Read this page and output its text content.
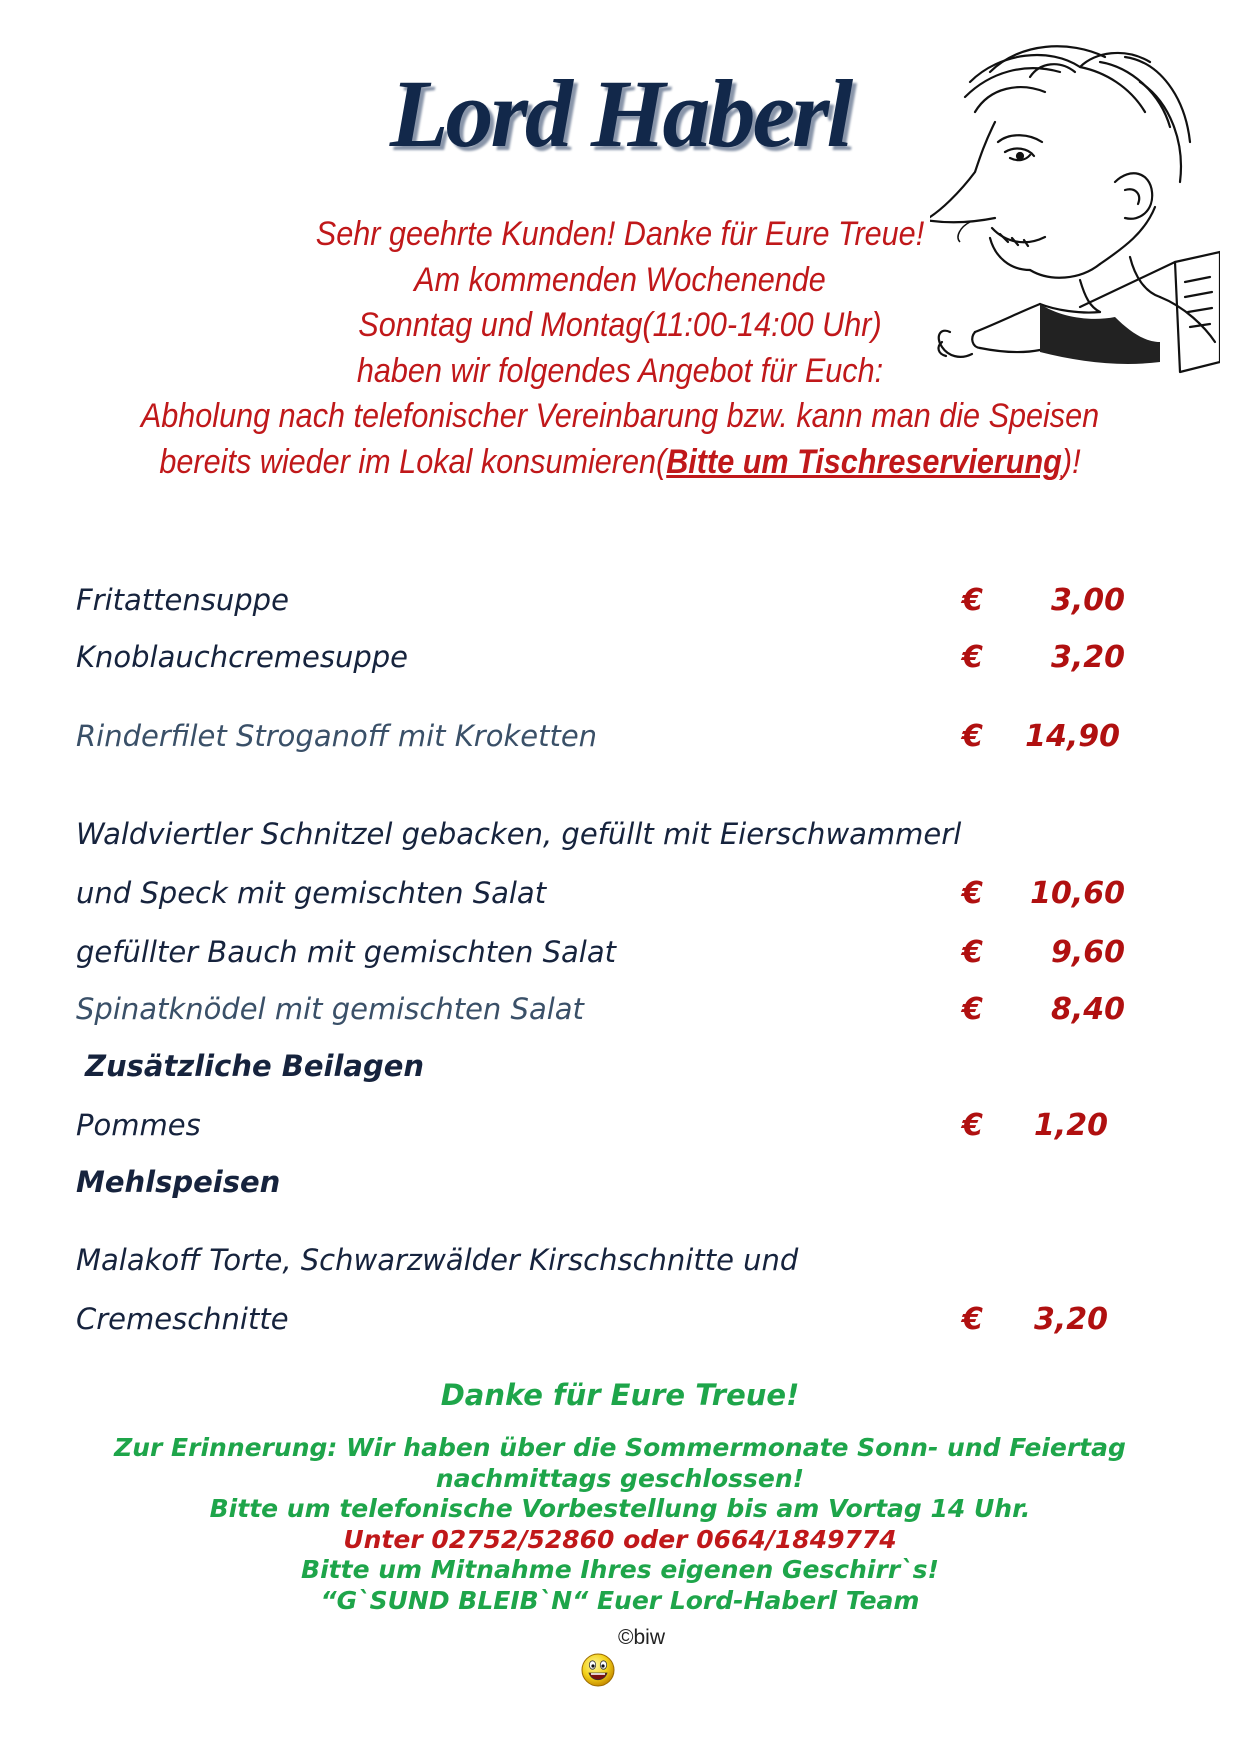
Lord Haberl
Sehr geehrte Kunden! Danke für Eure Treue!
Am kommenden Wochenende
Sonntag und Montag(11:00-14:00 Uhr)
haben wir folgendes Angebot für Euch:
Abholung nach telefonischer Vereinbarung bzw. kann man die Speisen
bereits wieder im Lokal konsumieren(Bitte um Tischreservierung)!
Fritattensuppe	€	3,00
Knoblauchcremesuppe	€	3,20
Rinderfilet Stroganoff mit Kroketten	€	14,90
Waldviertler Schnitzel gebacken, gefüllt mit Eierschwammerl
und Speck mit gemischten Salat	€	10,60
gefüllter Bauch mit gemischten Salat	€	9,60
Spinatknödel mit gemischten Salat	€	8,40
Zusätzliche Beilagen
Pommes	€	1,20
Mehlspeisen
Malakoff Torte, Schwarzwälder Kirschschnitte und
Cremeschnitte	€	3,20
Danke für Eure Treue!
Zur Erinnerung: Wir haben über die Sommermonate Sonn- und Feiertag
nachmittags geschlossen!
Bitte um telefonische Vorbestellung bis am Vortag 14 Uhr.
Unter 02752/52860 oder 0664/1849774
Bitte um Mitnahme Ihres eigenen Geschirr`s!
“G`SUND BLEIB`N“ Euer Lord-Haberl Team
©biw
